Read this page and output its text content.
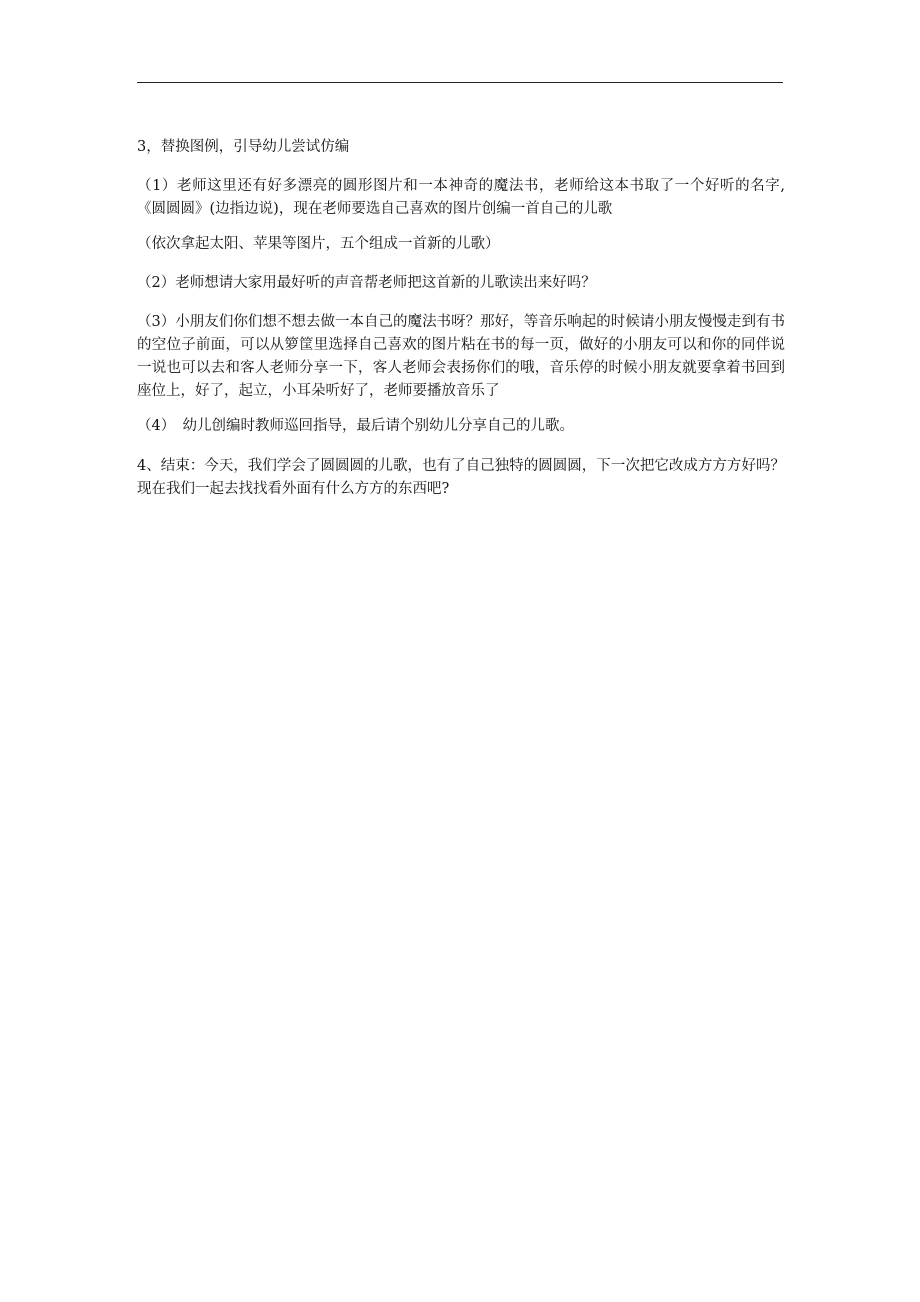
3，替换图例，引导幼儿尝试仿编

（1）老师这里还有好多漂亮的圆形图片和一本神奇的魔法书，老师给这本书取了一个好听的名字,《圆圆圆》(边指边说)，现在老师要选自己喜欢的图片创编一首自己的儿歌

（依次拿起太阳、苹果等图片，五个组成一首新的儿歌）

（2）老师想请大家用最好听的声音帮老师把这首新的儿歌读出来好吗？

（3）小朋友们你们想不想去做一本自己的魔法书呀？那好，等音乐响起的时候请小朋友慢慢走到有书的空位子前面，可以从箩筐里选择自己喜欢的图片粘在书的每一页，做好的小朋友可以和你的同伴说一说也可以去和客人老师分享一下，客人老师会表扬你们的哦，音乐停的时候小朋友就要拿着书回到座位上，好了，起立，小耳朵听好了，老师要播放音乐了

（4）　幼儿创编时教师巡回指导，最后请个别幼儿分享自己的儿歌。

4、结束：今天，我们学会了圆圆圆的儿歌，也有了自己独特的圆圆圆，下一次把它改成方方方好吗？现在我们一起去找找看外面有什么方方的东西吧?
